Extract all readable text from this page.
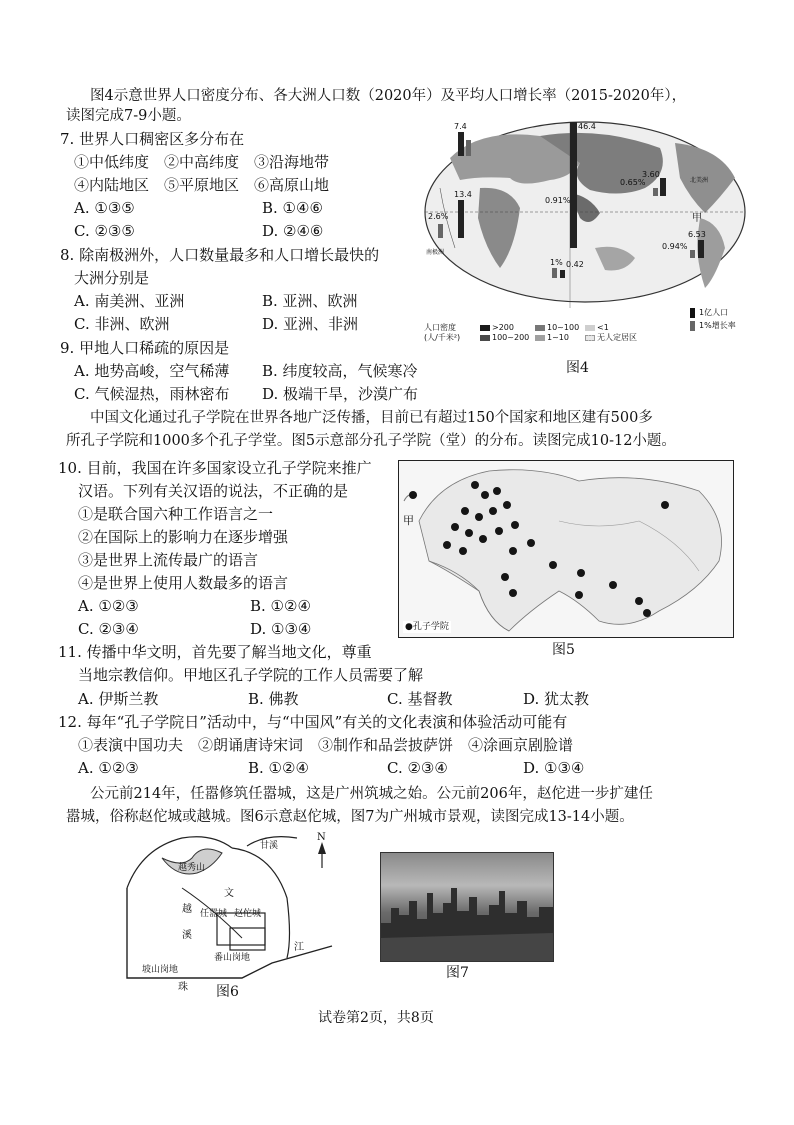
图4示意世界人口密度分布、各大洲人口数（2020年）及平均人口增长率（2015-2020年），
读图完成7-9小题。
7. 世界人口稠密区多分布在
①中低纬度　②中高纬度　③沿海地带
④内陆地区　⑤平原地区　⑥高原山地
A. ①③⑤	B. ①④⑥
C. ②③⑤	D. ②④⑥
8. 除南极洲外，人口数量最多和人口增长最快的
大洲分别是
A. 南美洲、亚洲	B. 亚洲、欧洲
C. 非洲、欧洲	D. 亚洲、非洲
9. 甲地人口稀疏的原因是
A. 地势高峻，空气稀薄 B. 纬度较高，气候寒冷
C. 气候湿热，雨林密布 D. 极端干旱，沙漠广布
7.4	46.4
13.4
2.6%
0.91%
0.65%
3.60
0.94%
6.53
1% 0.42
甲
南极洲
北美洲
人口密度
(人/千米²)
>200
100~200
10~100
1~10
<1
无人定居区
1亿人口
1%增长率
图4
中国文化通过孔子学院在世界各地广泛传播，目前已有超过150个国家和地区建有500多
所孔子学院和1000多个孔子学堂。图5示意部分孔子学院（堂）的分布。读图完成10-12小题。
10. 目前，我国在许多国家设立孔子学院来推广
汉语。下列有关汉语的说法，不正确的是
①是联合国六种工作语言之一
②在国际上的影响力在逐步增强
③是世界上流传最广的语言
④是世界上使用人数最多的语言
A. ①②③	B. ①②④
C. ②③④	D. ①③④
甲
●孔子学院
图5
11. 传播中华文明，首先要了解当地文化，尊重
当地宗教信仰。甲地区孔子学院的工作人员需要了解
A. 伊斯兰教	B. 佛教	C. 基督教	D. 犹太教
12. 每年“孔子学院日”活动中，与“中国风”有关的文化表演和体验活动可能有
①表演中国功夫　②朗诵唐诗宋词　③制作和品尝披萨饼　④涂画京剧脸谱
A. ①②③	B. ①②④	C. ②③④	D. ①③④
公元前214年，任嚣修筑任嚣城，这是广州筑城之始。公元前206年，赵佗进一步扩建任
嚣城，俗称赵佗城或越城。图6示意赵佗城，图7为广州城市景观，读图完成13-14小题。
越秀山
甘溪
文
越
溪
任嚣城 赵佗城
番山岗地
坡山岗地
江
珠
N
图6
图7
试卷第2页，共8页
